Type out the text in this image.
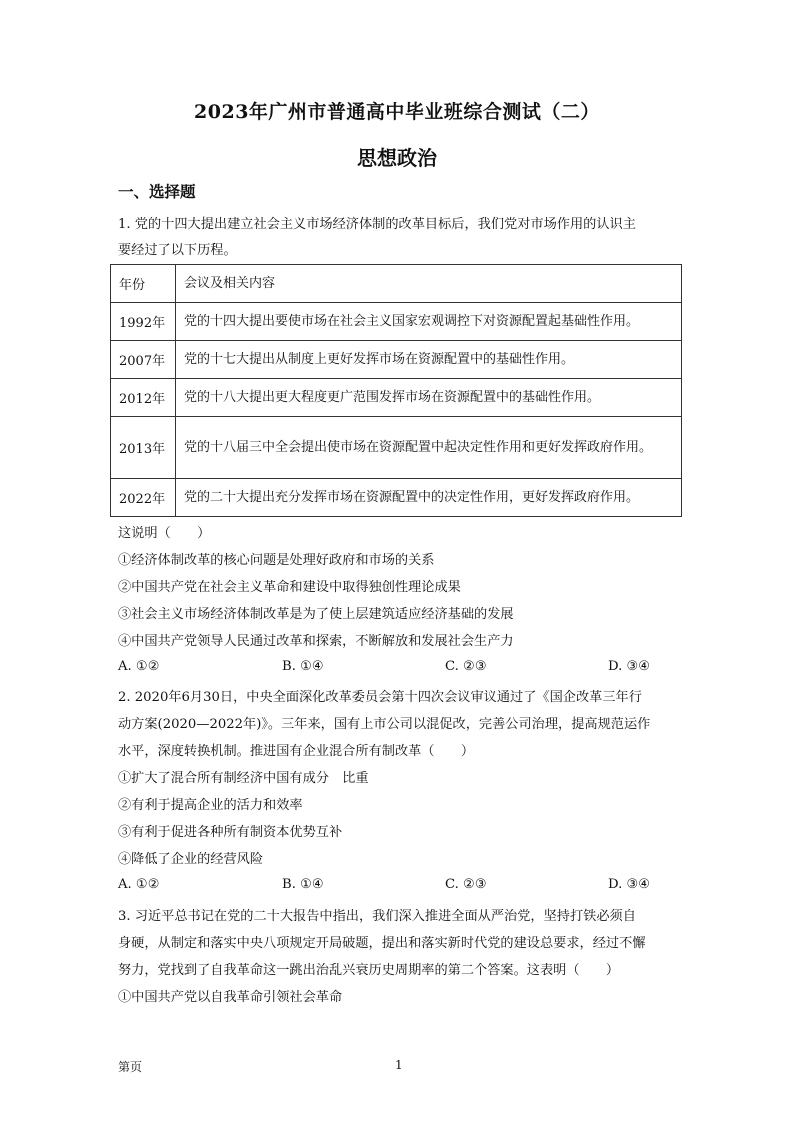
2023年广州市普通高中毕业班综合测试（二）
思想政治
一、选择题
1. 党的十四大提出建立社会主义市场经济体制的改革目标后，我们党对市场作用的认识主
要经过了以下历程。
年份	会议及相关内容
1992年	党的十四大提出要使市场在社会主义国家宏观调控下对资源配置起基础性作用。
2007年	党的十七大提出从制度上更好发挥市场在资源配置中的基础性作用。
2012年	党的十八大提出更大程度更广范围发挥市场在资源配置中的基础性作用。
2013年	党的十八届三中全会提出使市场在资源配置中起决定性作用和更好发挥政府作用。
2022年	党的二十大提出充分发挥市场在资源配置中的决定性作用，更好发挥政府作用。
这说明（　　）
①经济体制改革的核心问题是处理好政府和市场的关系
②中国共产党在社会主义革命和建设中取得独创性理论成果
③社会主义市场经济体制改革是为了使上层建筑适应经济基础的发展
④中国共产党领导人民通过改革和探索，不断解放和发展社会生产力
A. ①②	B. ①④	C. ②③	D. ③④
2. 2020年6月30日，中央全面深化改革委员会第十四次会议审议通过了《国企改革三年行
动方案(2020—2022年)》。三年来，国有上市公司以混促改，完善公司治理，提高规范运作
水平，深度转换机制。推进国有企业混合所有制改革（　　）
①扩大了混合所有制经济中国有成分　比重
②有利于提高企业的活力和效率
③有利于促进各种所有制资本优势互补
④降低了企业的经营风险
A. ①②	B. ①④	C. ②③	D. ③④
3. 习近平总书记在党的二十大报告中指出，我们深入推进全面从严治党，坚持打铁必须自
身硬，从制定和落实中央八项规定开局破题，提出和落实新时代党的建设总要求，经过不懈
努力，党找到了自我革命这一跳出治乱兴衰历史周期率的第二个答案。这表明（　　）
①中国共产党以自我革命引领社会革命
第页	1
